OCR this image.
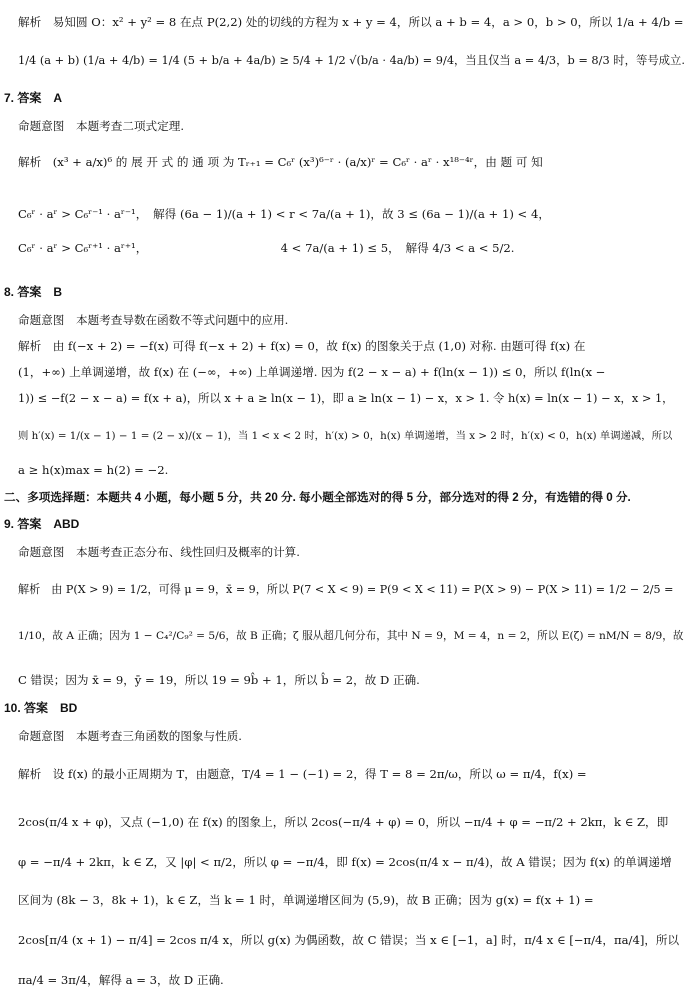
解析　易知圆 O：x² + y² = 8 在点 P(2,2) 处的切线的方程为 x + y = 4，所以 a + b = 4，a > 0，b > 0，所以 1/a + 4/b =
1/4 (a + b) (1/a + 4/b) = 1/4 (5 + b/a + 4a/b) ≥ 5/4 + 1/2 √(b/a · 4a/b) = 9/4，当且仅当 a = 4/3，b = 8/3 时，等号成立.
7. 答案　A
命题意图　本题考查二项式定理.
解析　(x³ + a/x)⁶ 的 展 开 式 的 通 项 为 Tᵣ₊₁ = C₆ʳ (x³)⁶⁻ʳ · (a/x)ʳ = C₆ʳ · aʳ · x¹⁸⁻⁴ʳ，由 题 可 知
C₆ʳ · aʳ > C₆ʳ⁻¹ · aʳ⁻¹，　解得 (6a − 1)/(a + 1) < r < 7a/(a + 1)，故 3 ≤ (6a − 1)/(a + 1) < 4，
C₆ʳ · aʳ > C₆ʳ⁺¹ · aʳ⁺¹，　　　　　　　　　　　　4 < 7a/(a + 1) ≤ 5，　解得 4/3 < a < 5/2.
8. 答案　B
命题意图　本题考查导数在函数不等式问题中的应用.
解析　由 f(−x + 2) = −f(x) 可得 f(−x + 2) + f(x) = 0，故 f(x) 的图象关于点 (1,0) 对称. 由题可得 f(x) 在
(1，+∞) 上单调递增，故 f(x) 在 (−∞，+∞) 上单调递增. 因为 f(2 − x − a) + f(ln(x − 1)) ≤ 0，所以 f(ln(x −
1)) ≤ −f(2 − x − a) = f(x + a)，所以 x + a ≥ ln(x − 1)，即 a ≥ ln(x − 1) − x，x > 1. 令 h(x) = ln(x − 1) − x，x > 1，
则 h′(x) = 1/(x − 1) − 1 = (2 − x)/(x − 1)，当 1 < x < 2 时，h′(x) > 0，h(x) 单调递增，当 x > 2 时，h′(x) < 0，h(x) 单调递减，所以
a ≥ h(x)max = h(2) = −2.
二、多项选择题：本题共 4 小题，每小题 5 分，共 20 分. 每小题全部选对的得 5 分，部分选对的得 2 分，有选错的得 0 分.
9. 答案　ABD
命题意图　本题考查正态分布、线性回归及概率的计算.
解析　由 P(X > 9) = 1/2，可得 μ = 9，x̄ = 9，所以 P(7 < X < 9) = P(9 < X < 11) = P(X > 9) − P(X > 11) = 1/2 − 2/5 =
1/10，故 A 正确；因为 1 − C₄²/C₉² = 5/6，故 B 正确；ζ 服从超几何分布，其中 N = 9，M = 4，n = 2，所以 E(ζ) = nM/N = 8/9，故
C 错误；因为 x̄ = 9，ȳ = 19，所以 19 = 9b̂ + 1，所以 b̂ = 2，故 D 正确.
10. 答案　BD
命题意图　本题考查三角函数的图象与性质.
解析　设 f(x) 的最小正周期为 T，由题意，T/4 = 1 − (−1) = 2，得 T = 8 = 2π/ω，所以 ω = π/4，f(x) =
2cos(π/4 x + φ)，又点 (−1,0) 在 f(x) 的图象上，所以 2cos(−π/4 + φ) = 0，所以 −π/4 + φ = −π/2 + 2kπ，k ∈ Z，即
φ = −π/4 + 2kπ，k ∈ Z，又 |φ| < π/2，所以 φ = −π/4，即 f(x) = 2cos(π/4 x − π/4)，故 A 错误；因为 f(x) 的单调递增
区间为 (8k − 3，8k + 1)，k ∈ Z，当 k = 1 时，单调递增区间为 (5,9)，故 B 正确；因为 g(x) = f(x + 1) =
2cos[π/4 (x + 1) − π/4] = 2cos π/4 x，所以 g(x) 为偶函数，故 C 错误；当 x ∈ [−1，a] 时，π/4 x ∈ [−π/4，πa/4]，所以
πa/4 = 3π/4，解得 a = 3，故 D 正确.
